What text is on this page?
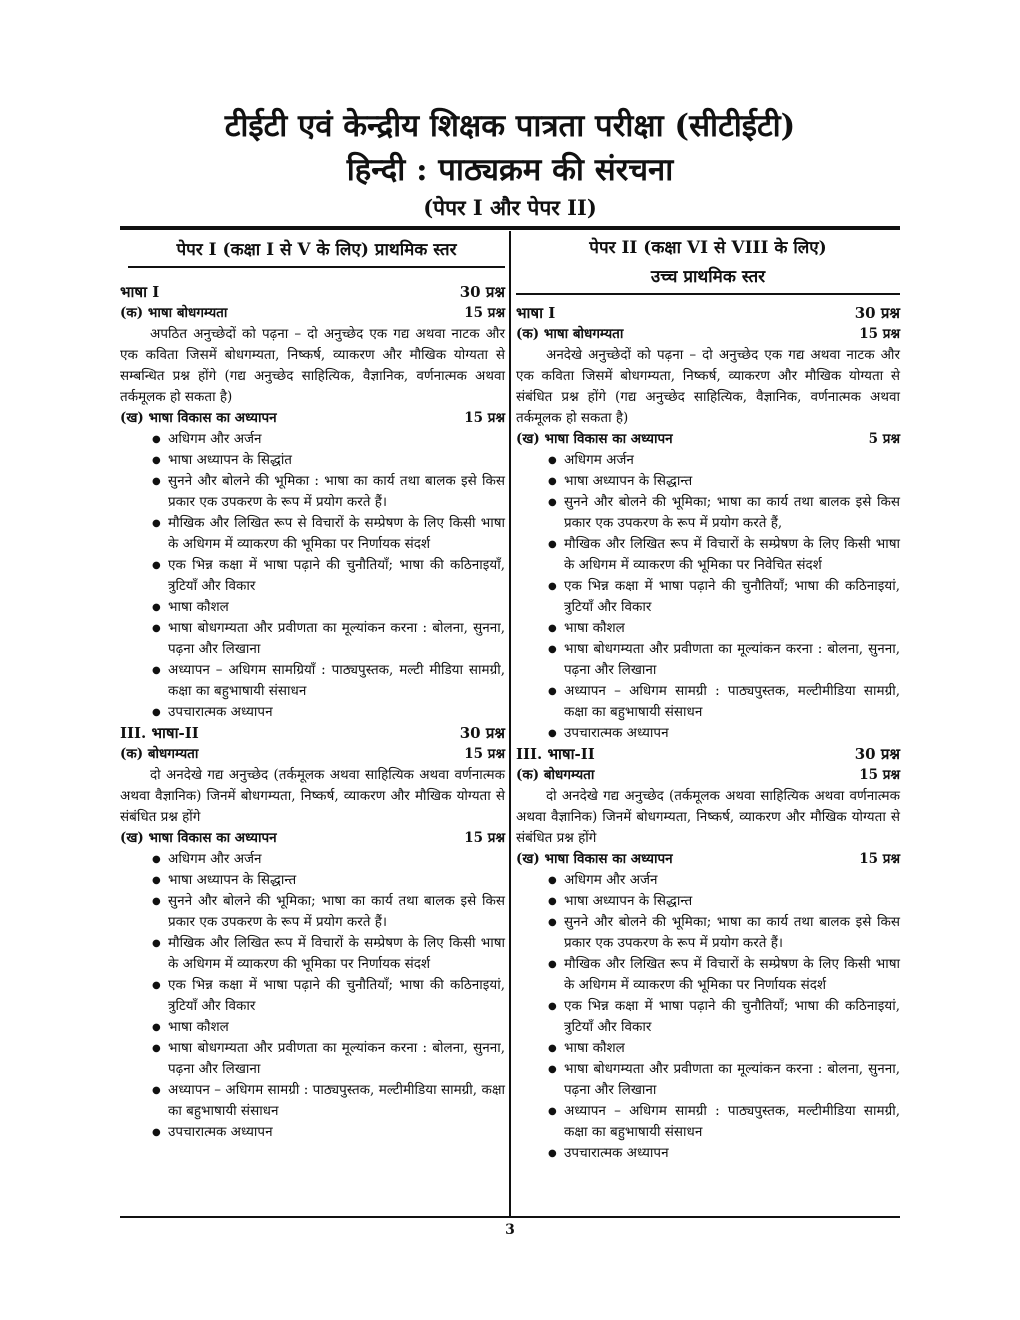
टीईटी एवं केन्द्रीय शिक्षक पात्रता परीक्षा (सीटीईटी)
हिन्दी : पाठ्यक्रम की संरचना
(पेपर I और पेपर II)
पेपर I (कक्षा I से V के लिए) प्राथमिक स्तर
भाषा I	30 प्रश्न
(क) भाषा बोधगम्यता	15 प्रश्न

अपठित अनुच्छेदों को पढ़ना – दो अनुच्छेद एक गद्य अथवा नाटक और एक कविता जिसमें बोधगम्यता, निष्कर्ष, व्याकरण और मौखिक योग्यता से सम्बन्धित प्रश्न होंगे (गद्य अनुच्छेद साहित्यिक, वैज्ञानिक, वर्णनात्मक अथवा तर्कमूलक हो सकता है)

(ख) भाषा विकास का अध्यापन	15 प्रश्न
● अधिगम और अर्जन
● भाषा अध्यापन के सिद्धांत
● सुनने और बोलने की भूमिका : भाषा का कार्य तथा बालक इसे किस प्रकार एक उपकरण के रूप में प्रयोग करते हैं।
● मौखिक और लिखित रूप से विचारों के सम्प्रेषण के लिए किसी भाषा के अधिगम में व्याकरण की भूमिका पर निर्णायक संदर्श
● एक भिन्न कक्षा में भाषा पढ़ाने की चुनौतियाँ; भाषा की कठिनाइयाँ, त्रुटियाँ और विकार
● भाषा कौशल
● भाषा बोधगम्यता और प्रवीणता का मूल्यांकन करना : बोलना, सुनना, पढ़ना और लिखाना
● अध्यापन – अधिगम सामग्रियाँ : पाठ्यपुस्तक, मल्टी मीडिया सामग्री, कक्षा का बहुभाषायी संसाधन
● उपचारात्मक अध्यापन
III. भाषा-II	30 प्रश्न
(क) बोधगम्यता	15 प्रश्न

दो अनदेखे गद्य अनुच्छेद (तर्कमूलक अथवा साहित्यिक अथवा वर्णनात्मक अथवा वैज्ञानिक) जिनमें बोधगम्यता, निष्कर्ष, व्याकरण और मौखिक योग्यता से संबंधित प्रश्न होंगे

(ख) भाषा विकास का अध्यापन	15 प्रश्न
● अधिगम और अर्जन
● भाषा अध्यापन के सिद्धान्त
● सुनने और बोलने की भूमिका; भाषा का कार्य तथा बालक इसे किस प्रकार एक उपकरण के रूप में प्रयोग करते हैं।
● मौखिक और लिखित रूप में विचारों के सम्प्रेषण के लिए किसी भाषा के अधिगम में व्याकरण की भूमिका पर निर्णायक संदर्श
● एक भिन्न कक्षा में भाषा पढ़ाने की चुनौतियाँ; भाषा की कठिनाइयां, त्रुटियाँ और विकार
● भाषा कौशल
● भाषा बोधगम्यता और प्रवीणता का मूल्यांकन करना : बोलना, सुनना, पढ़ना और लिखाना
● अध्यापन – अधिगम सामग्री : पाठ्यपुस्तक, मल्टीमीडिया सामग्री, कक्षा का बहुभाषायी संसाधन
● उपचारात्मक अध्यापन
पेपर II (कक्षा VI से VIII के लिए)
उच्च प्राथमिक स्तर
भाषा I	30 प्रश्न
(क) भाषा बोधगम्यता	15 प्रश्न

अनदेखे अनुच्छेदों को पढ़ना – दो अनुच्छेद एक गद्य अथवा नाटक और एक कविता जिसमें बोधगम्यता, निष्कर्ष, व्याकरण और मौखिक योग्यता से संबंधित प्रश्न होंगे (गद्य अनुच्छेद साहित्यिक, वैज्ञानिक, वर्णनात्मक अथवा तर्कमूलक हो सकता है)

(ख) भाषा विकास का अध्यापन	5 प्रश्न
● अधिगम अर्जन
● भाषा अध्यापन के सिद्धान्त
● सुनने और बोलने की भूमिका; भाषा का कार्य तथा बालक इसे किस प्रकार एक उपकरण के रूप में प्रयोग करते हैं,
● मौखिक और लिखित रूप में विचारों के सम्प्रेषण के लिए किसी भाषा के अधिगम में व्याकरण की भूमिका पर निवेचित संदर्श
● एक भिन्न कक्षा में भाषा पढ़ाने की चुनौतियाँ; भाषा की कठिनाइयां, त्रुटियाँ और विकार
● भाषा कौशल
● भाषा बोधगम्यता और प्रवीणता का मूल्यांकन करना : बोलना, सुनना, पढ़ना और लिखाना
● अध्यापन – अधिगम सामग्री : पाठ्यपुस्तक, मल्टीमीडिया सामग्री, कक्षा का बहुभाषायी संसाधन
● उपचारात्मक अध्यापन
III. भाषा-II	30 प्रश्न
(क) बोधगम्यता	15 प्रश्न

दो अनदेखे गद्य अनुच्छेद (तर्कमूलक अथवा साहित्यिक अथवा वर्णनात्मक अथवा वैज्ञानिक) जिनमें बोधगम्यता, निष्कर्ष, व्याकरण और मौखिक योग्यता से संबंधित प्रश्न होंगे

(ख) भाषा विकास का अध्यापन	15 प्रश्न
● अधिगम और अर्जन
● भाषा अध्यापन के सिद्धान्त
● सुनने और बोलने की भूमिका; भाषा का कार्य तथा बालक इसे किस प्रकार एक उपकरण के रूप में प्रयोग करते हैं।
● मौखिक और लिखित रूप में विचारों के सम्प्रेषण के लिए किसी भाषा के अधिगम में व्याकरण की भूमिका पर निर्णायक संदर्श
● एक भिन्न कक्षा में भाषा पढ़ाने की चुनौतियाँ; भाषा की कठिनाइयां, त्रुटियाँ और विकार
● भाषा कौशल
● भाषा बोधगम्यता और प्रवीणता का मूल्यांकन करना : बोलना, सुनना, पढ़ना और लिखाना
● अध्यापन – अधिगम सामग्री : पाठ्यपुस्तक, मल्टीमीडिया सामग्री, कक्षा का बहुभाषायी संसाधन
● उपचारात्मक अध्यापन
3
